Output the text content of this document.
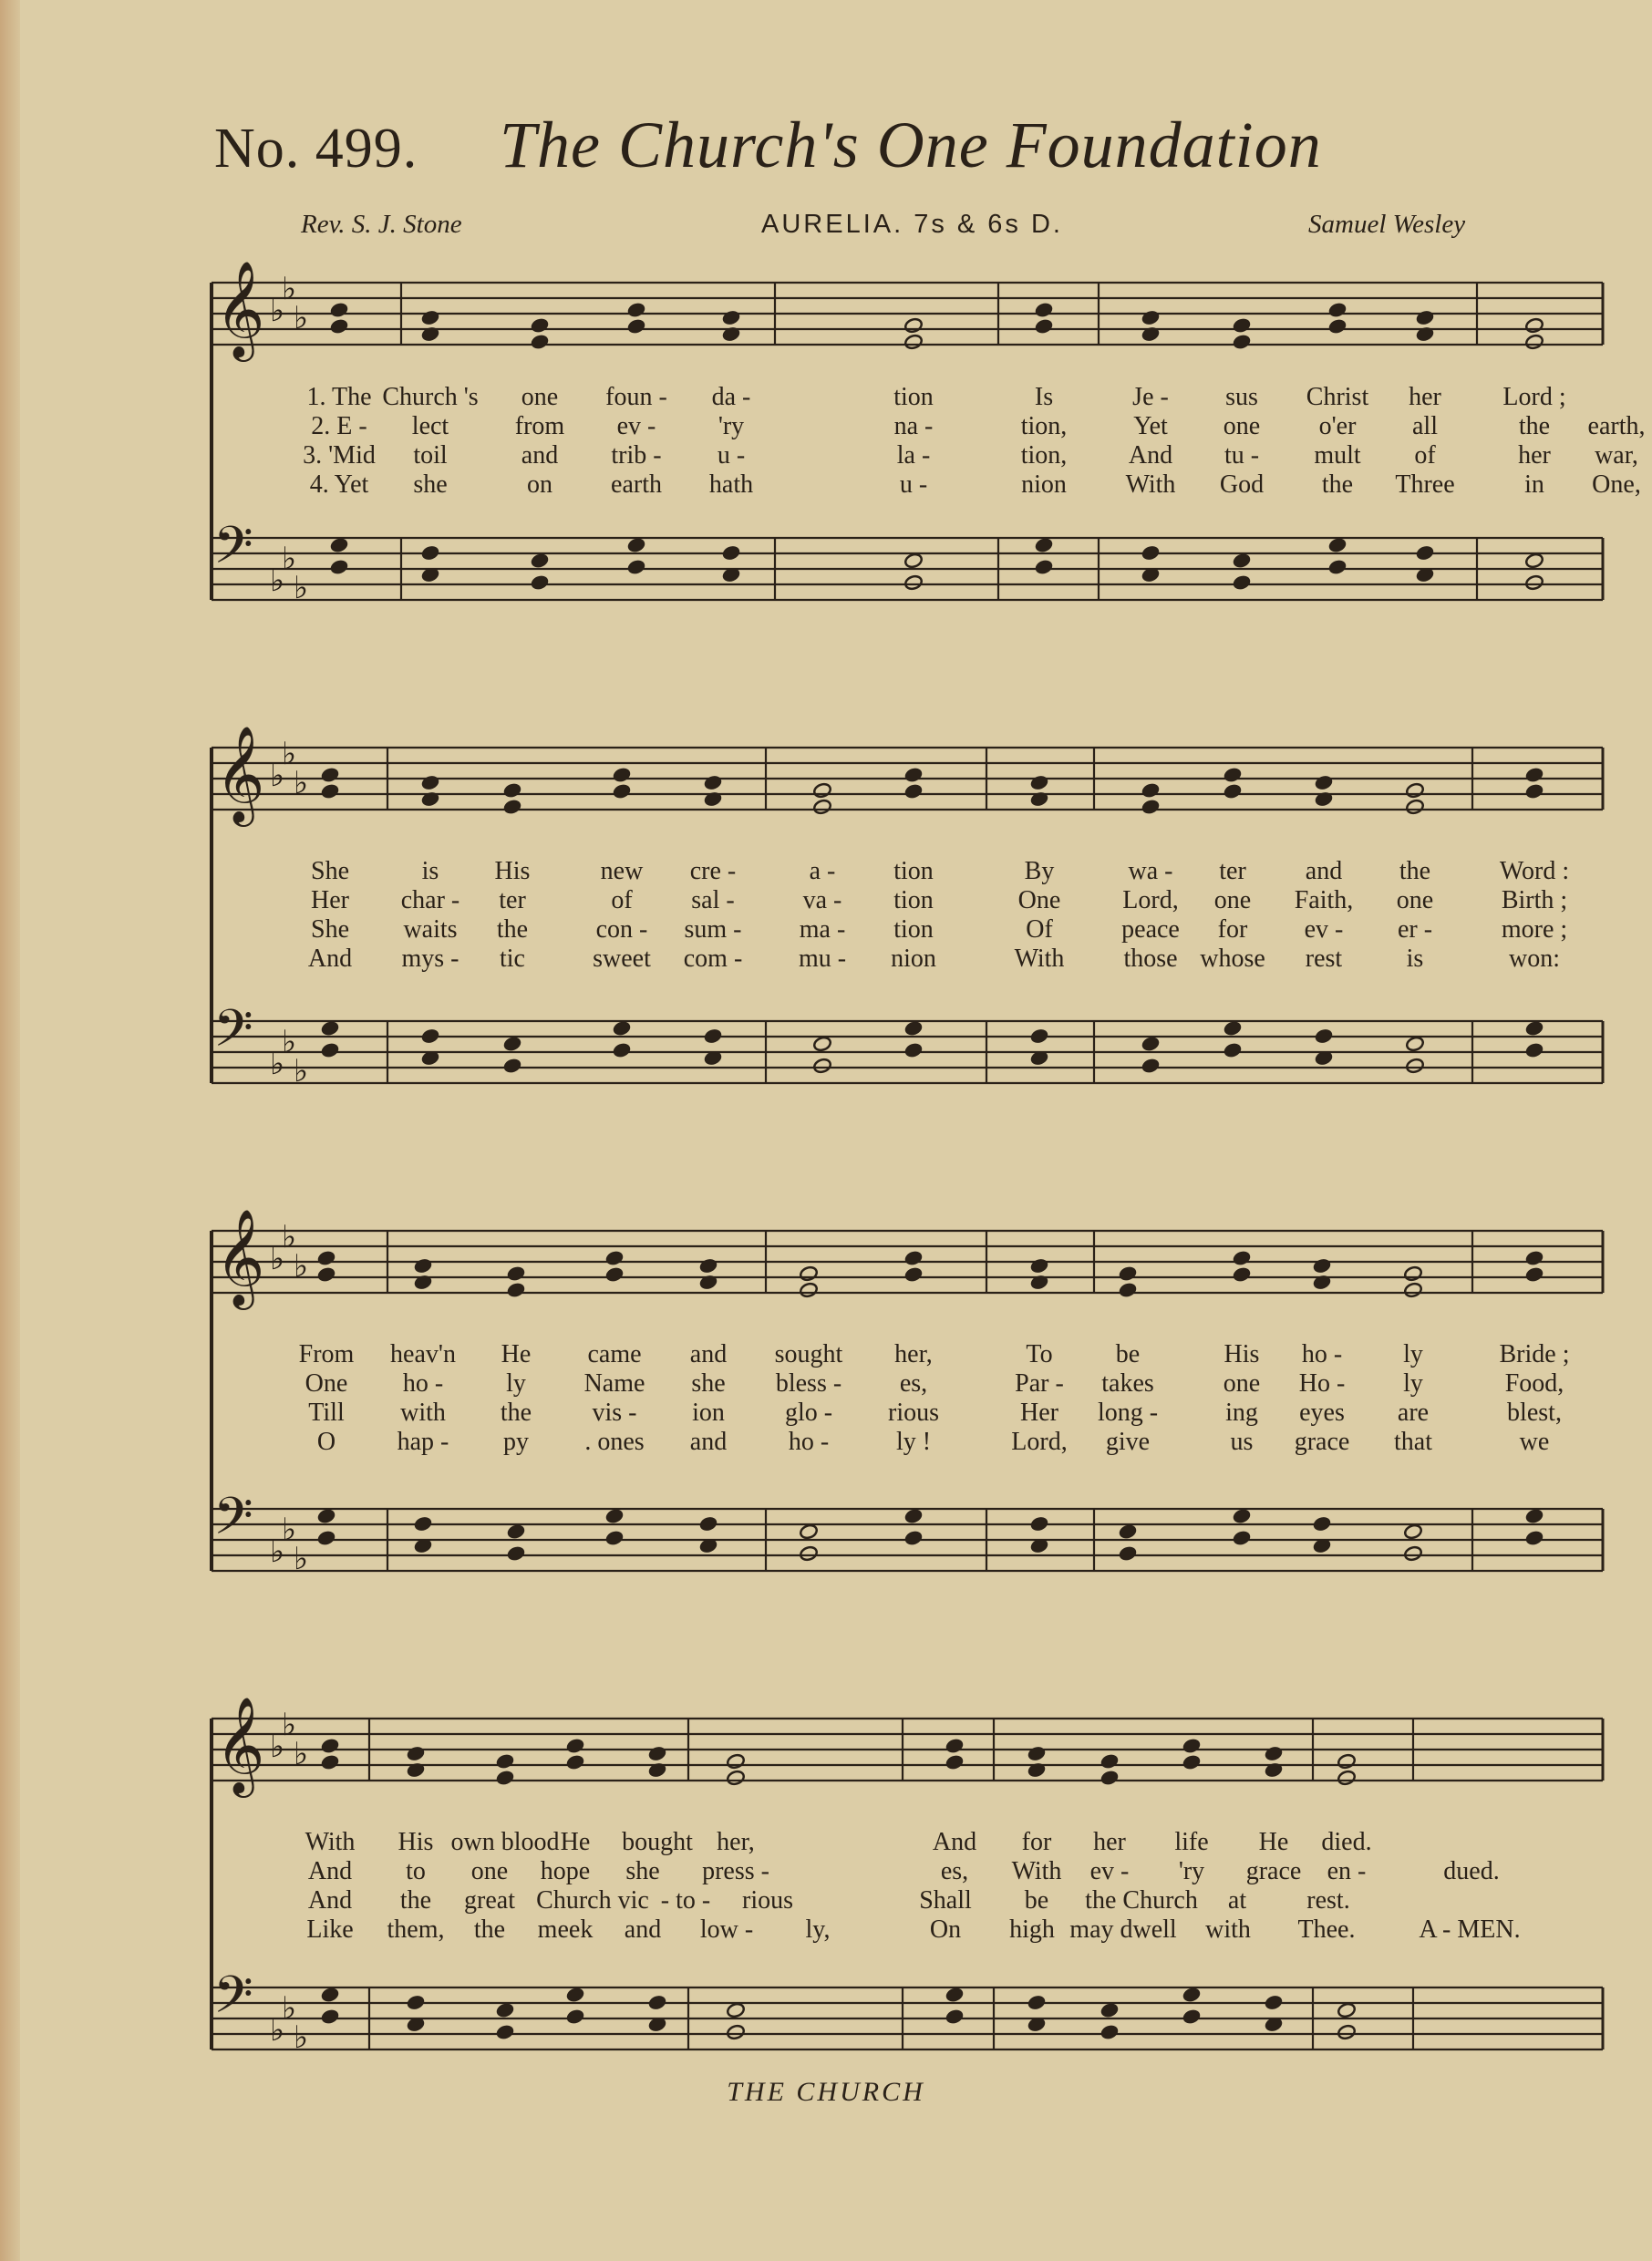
No. 499. The Church's One Foundation
Rev. S. J. Stone	AURELIA. 7s & 6s D.	Samuel Wesley
𝄞 ♭
♭
♭
𝄢 ♭
♭
♭
1. The Church 's one foun - da -	tion	Is	Je - sus Christ her Lord ;
2. E - lect	from ev - 'ry	na -	tion,	Yet one o'er all	the earth,
3. 'Mid toil	and trib - u -	la -	tion, And tu - mult of	her war,
4. Yet she	on earth hath	u -	nion With God the Three	in One,
𝄞 ♭
♭
♭
𝄢 ♭
♭
♭
She	is His	new cre -	a - tion	By	wa - ter and the	Word :
Her char - ter	of sal -	va - tion	One Lord, one Faith, one	Birth ;
She waits the	con - sum - ma - tion	Of	peace for ev - er -	more ;
And mys - tic	sweet com - mu - nion	With those whose rest	is	won:
𝄞 ♭
♭
♭
𝄢 ♭
♭
♭
From heav'n He came and sought her,	To be	His ho - ly	Bride ;
One ho - ly Name she bless - es,	Par - takes	one Ho - ly	Food,
Till with the vis - ion glo - rious	Her long -	ing eyes are	blest,
O hap - py . ones and ho -	ly !	Lord, give	us grace that	we
𝄞 ♭
♭
♭
𝄢 ♭
♭
♭
With His own blood He bought her,	And for her life He died.
And to one hope she press -	es, With ev - 'ry grace en -	dued.
And the great Church vic - to - rious	Shall be the Church at rest.
Like them, the meek and low - ly,	On high may dwell with Thee. A - MEN.
THE CHURCH
